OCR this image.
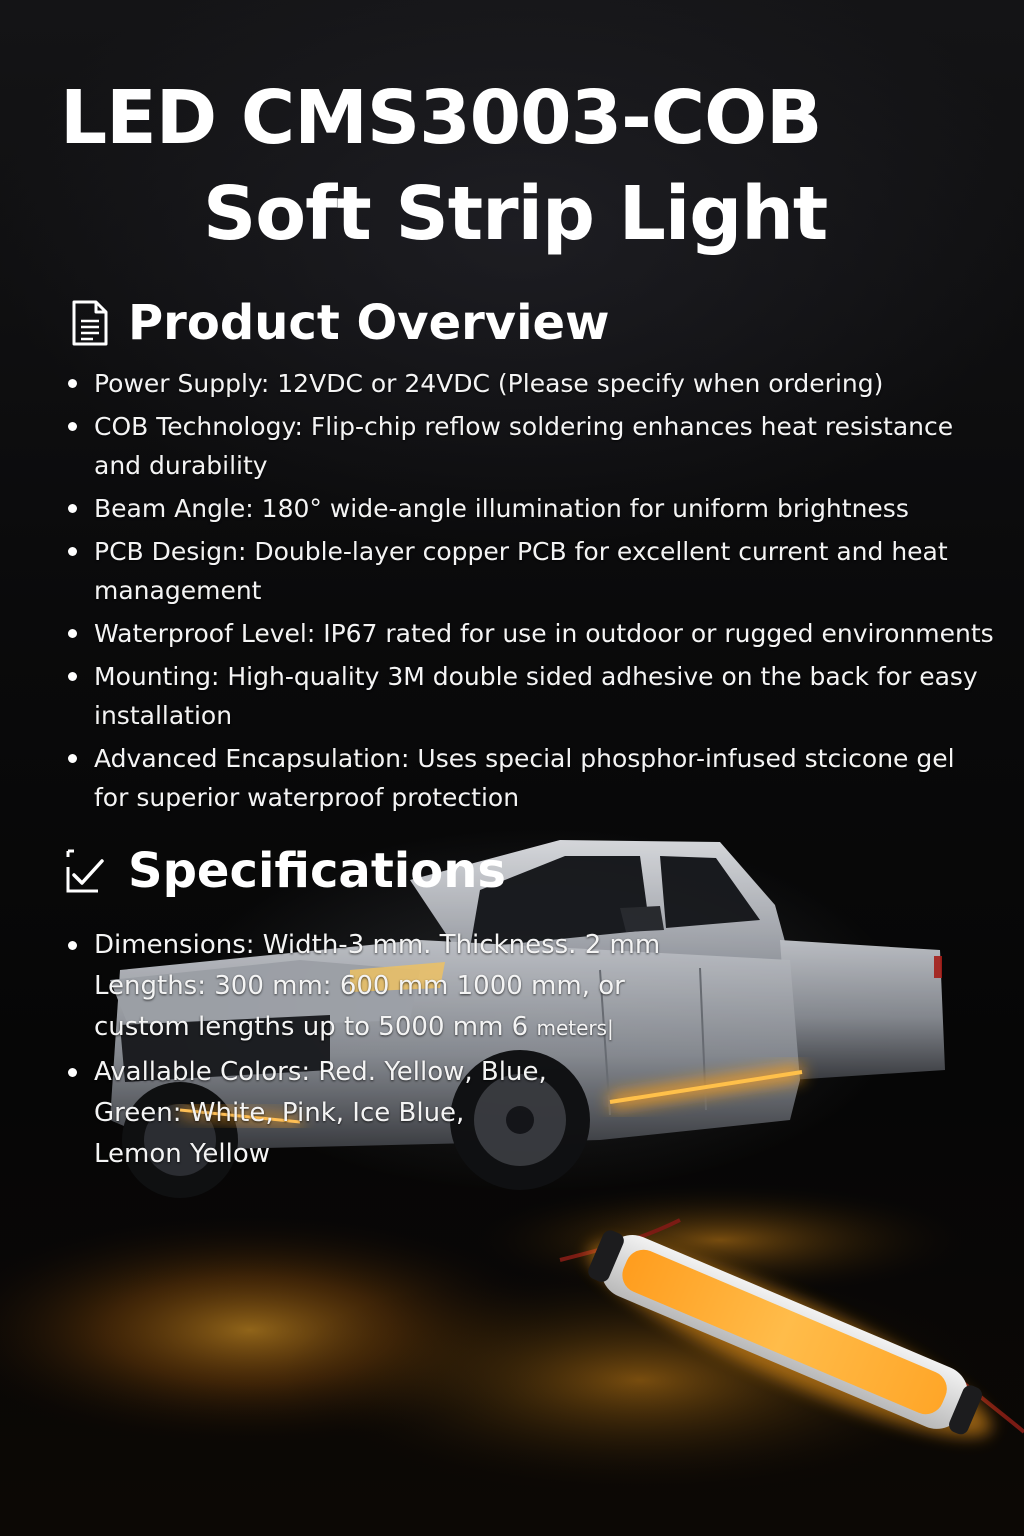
LED CMS3003-COB
Soft Strip Light
Product Overview
Power Supply: 12VDC or 24VDC (Please specify when ordering)
COB Technology: Flip-chip reflow soldering enhances heat resistance
and durability
Beam Angle: 180° wide-angle illumination for uniform brightness
PCB Design: Double-layer copper PCB for excellent current and heat
management
Waterproof Level: IP67 rated for use in outdoor or rugged environments
Mounting: High-quality 3M double sided adhesive on the back for easy
installation
Advanced Encapsulation: Uses special phosphor-infused stcicone gel
for superior waterproof protection
Specifications
Dimensions: Width-3 mm. Thickness. 2 mm
Lengths: 300 mm: 600 mm 1000 mm, or
custom lengths up to 5000 mm 6 meters|
Avallable Colors: Red. Yellow, Blue,
Green: White, Pink, Ice Blue,
Lemon Yellow
